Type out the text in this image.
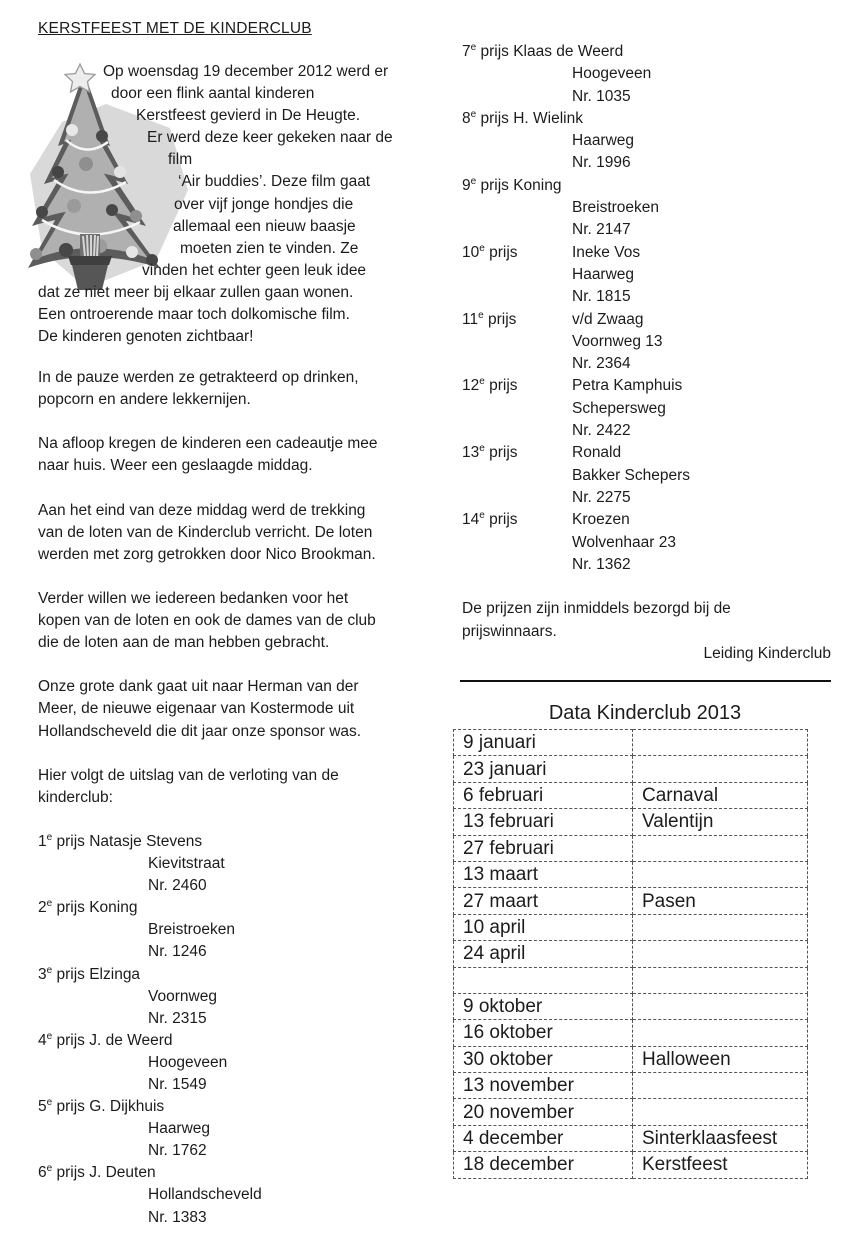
KERSTFEEST MET DE KINDERCLUB
Op woensdag 19 december 2012 werd er
door een flink aantal kinderen
Kerstfeest gevierd in De Heugte.
Er werd deze keer gekeken naar de
film
‘Air buddies’. Deze film gaat
over vijf jonge hondjes die
allemaal een nieuw baasje
moeten zien te vinden. Ze
vinden het echter geen leuk idee
dat ze niet meer bij elkaar zullen gaan wonen.
Een ontroerende maar toch dolkomische film.
De kinderen genoten zichtbaar!
In de pauze werden ze getrakteerd op drinken,
popcorn en andere lekkernijen.
Na afloop kregen de kinderen een cadeautje mee
naar huis. Weer een geslaagde middag.
Aan het eind van deze middag werd de trekking
van de loten van de Kinderclub verricht. De loten
werden met zorg getrokken door Nico Brookman.
Verder willen we iedereen bedanken voor het
kopen van de loten en ook de dames van de club
die de loten aan de man hebben gebracht.
Onze grote dank gaat uit naar Herman van der
Meer, de nieuwe eigenaar van Kostermode uit
Hollandscheveld die dit jaar onze sponsor was.
Hier volgt de uitslag van de verloting van de
kinderclub:
1e prijs Natasje Stevens
Kievitstraat
Nr. 2460
2e prijs Koning
Breistroeken
Nr. 1246
3e prijs Elzinga
Voornweg
Nr. 2315
4e prijs J. de Weerd
Hoogeveen
Nr. 1549
5e prijs G. Dijkhuis
Haarweg
Nr. 1762
6e prijs J. Deuten
Hollandscheveld
Nr. 1383
7e prijs Klaas de Weerd
Hoogeveen
Nr. 1035
8e prijs H. Wielink
Haarweg
Nr. 1996
9e prijs Koning
Breistroeken
Nr. 2147
10e prijs	Ineke Vos
Haarweg
Nr. 1815
11e prijs	v/d Zwaag
Voornweg 13
Nr. 2364
12e prijs	Petra Kamphuis
Schepersweg
Nr. 2422
13e prijs	Ronald
Bakker Schepers
Nr. 2275
14e prijs	Kroezen
Wolvenhaar 23
Nr. 1362
De prijzen zijn inmiddels bezorgd bij de
prijswinnaars.
Leiding Kinderclub
Data Kinderclub 2013
9 januari	
23 januari	
6 februari	Carnaval
13 februari	Valentijn
27 februari	
13 maart	
27 maart	Pasen
10 april	
24 april	

9 oktober	
16 oktober	
30 oktober	Halloween
13 november	
20 november	
4 december	Sinterklaasfeest
18 december	Kerstfeest
